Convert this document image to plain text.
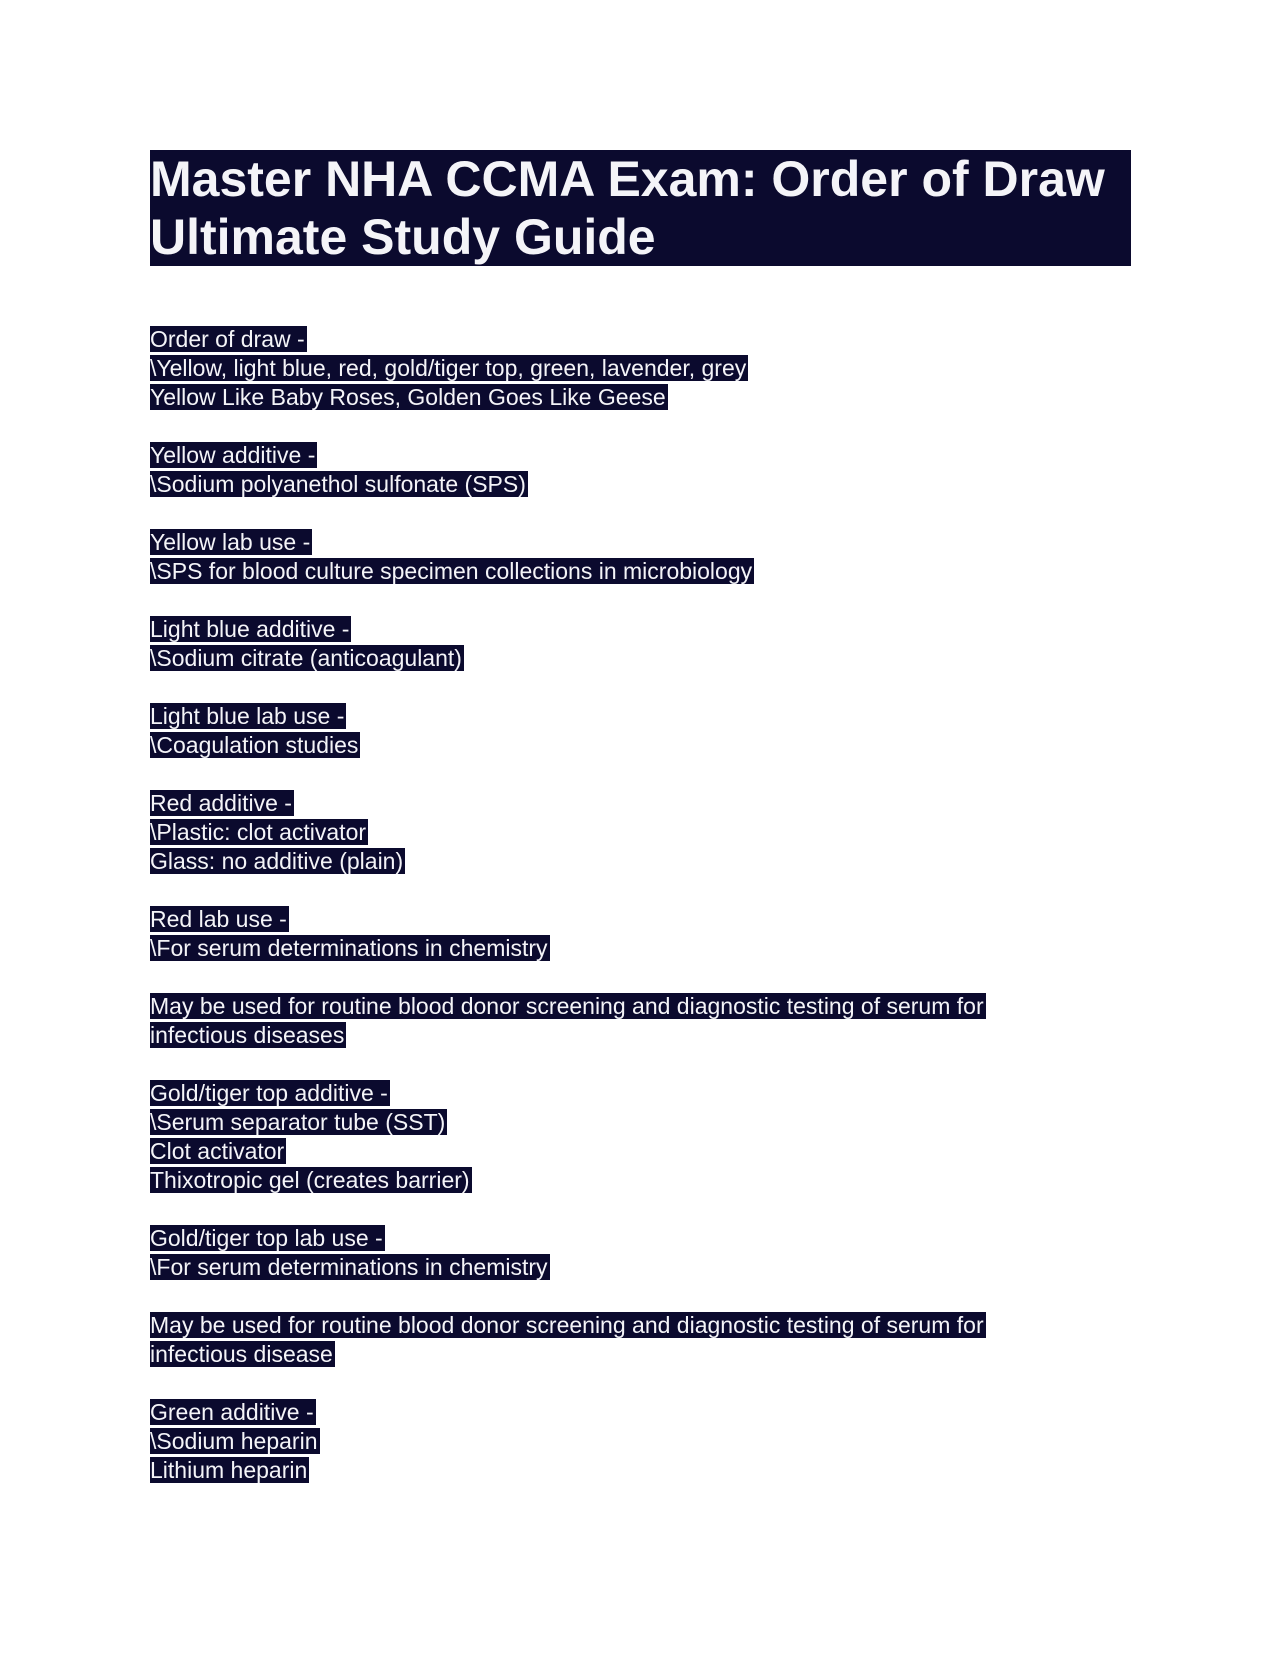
Master NHA CCMA Exam: Order of Draw
Ultimate Study Guide
Order of draw -
\Yellow, light blue, red, gold/tiger top, green, lavender, grey
Yellow Like Baby Roses, Golden Goes Like Geese
Yellow additive -
\Sodium polyanethol sulfonate (SPS)
Yellow lab use -
\SPS for blood culture specimen collections in microbiology
Light blue additive -
\Sodium citrate (anticoagulant)
Light blue lab use -
\Coagulation studies
Red additive -
\Plastic: clot activator
Glass: no additive (plain)
Red lab use -
\For serum determinations in chemistry
May be used for routine blood donor screening and diagnostic testing of serum for
infectious diseases
Gold/tiger top additive -
\Serum separator tube (SST)
Clot activator
Thixotropic gel (creates barrier)
Gold/tiger top lab use -
\For serum determinations in chemistry
May be used for routine blood donor screening and diagnostic testing of serum for
infectious disease
Green additive -
\Sodium heparin
Lithium heparin
